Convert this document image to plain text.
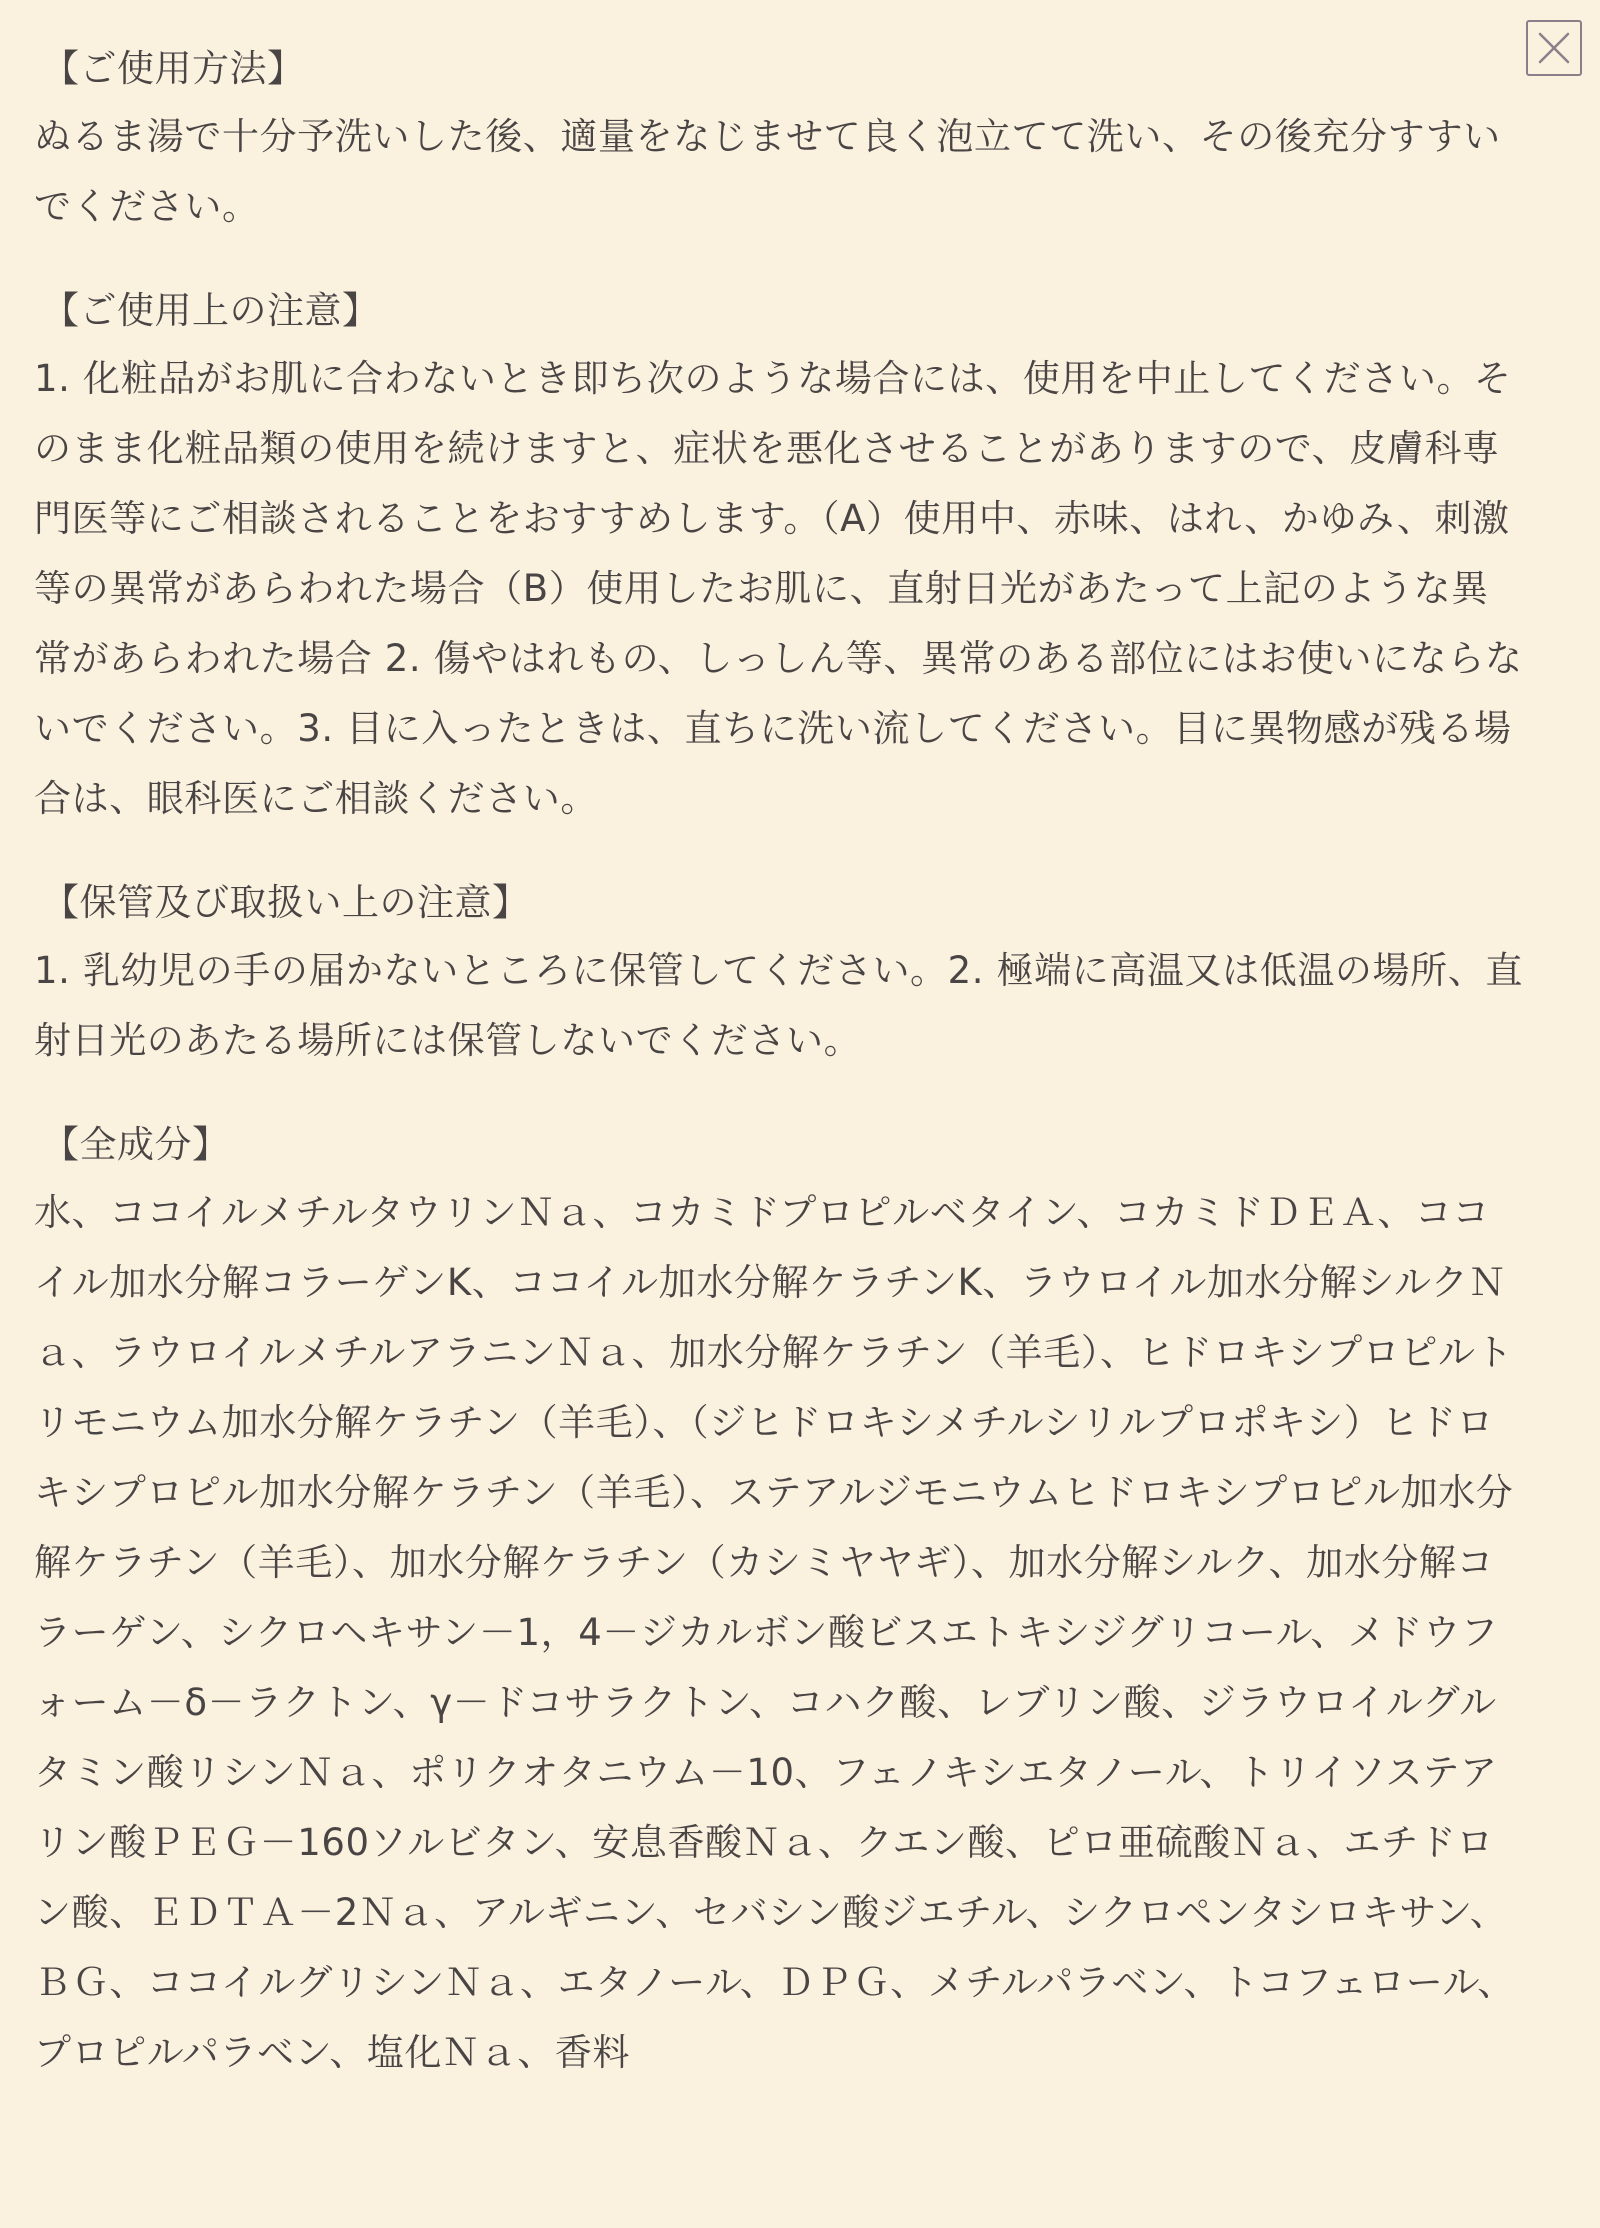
【ご使用方法】

ぬるま湯で十分予洗いした後、適量をなじませて良く泡立てて洗い、その後充分すすいでください。

【ご使用上の注意】

1. 化粧品がお肌に合わないとき即ち次のような場合には、使用を中止してください。そのまま化粧品類の使用を続けますと、症状を悪化させることがありますので、皮膚科専門医等にご相談されることをおすすめします。（A）使用中、赤味、はれ、かゆみ、刺激等の異常があらわれた場合（B）使用したお肌に、直射日光があたって上記のような異常があらわれた場合 2. 傷やはれもの、しっしん等、異常のある部位にはお使いにならないでください。3. 目に入ったときは、直ちに洗い流してください。目に異物感が残る場合は、眼科医にご相談ください。

【保管及び取扱い上の注意】

1. 乳幼児の手の届かないところに保管してください。2. 極端に高温又は低温の場所、直射日光のあたる場所には保管しないでください。

【全成分】

水、ココイルメチルタウリンＮａ、コカミドプロピルベタイン、コカミドＤＥＡ、ココイル加水分解コラーゲンK、ココイル加水分解ケラチンK、ラウロイル加水分解シルクＮａ、ラウロイルメチルアラニンＮａ、加水分解ケラチン（羊毛）、ヒドロキシプロピルトリモニウム加水分解ケラチン（羊毛）、（ジヒドロキシメチルシリルプロポキシ）ヒドロキシプロピル加水分解ケラチン（羊毛）、ステアルジモニウムヒドロキシプロピル加水分解ケラチン（羊毛）、加水分解ケラチン（カシミヤヤギ）、加水分解シルク、加水分解コラーゲン、シクロヘキサン－1，4－ジカルボン酸ビスエトキシジグリコール、メドウフォーム－δ－ラクトン、γ－ドコサラクトン、コハク酸、レブリン酸、ジラウロイルグルタミン酸リシンＮａ、ポリクオタニウム－10、フェノキシエタノール、トリイソステアリン酸ＰＥＧ－160ソルビタン、安息香酸Ｎａ、クエン酸、ピロ亜硫酸Ｎａ、エチドロン酸、ＥＤＴＡ－2Ｎａ、アルギニン、セバシン酸ジエチル、シクロペンタシロキサン、ＢＧ、ココイルグリシンＮａ、エタノール、ＤＰＧ、メチルパラベン、トコフェロール、プロピルパラベン、塩化Ｎａ、香料
